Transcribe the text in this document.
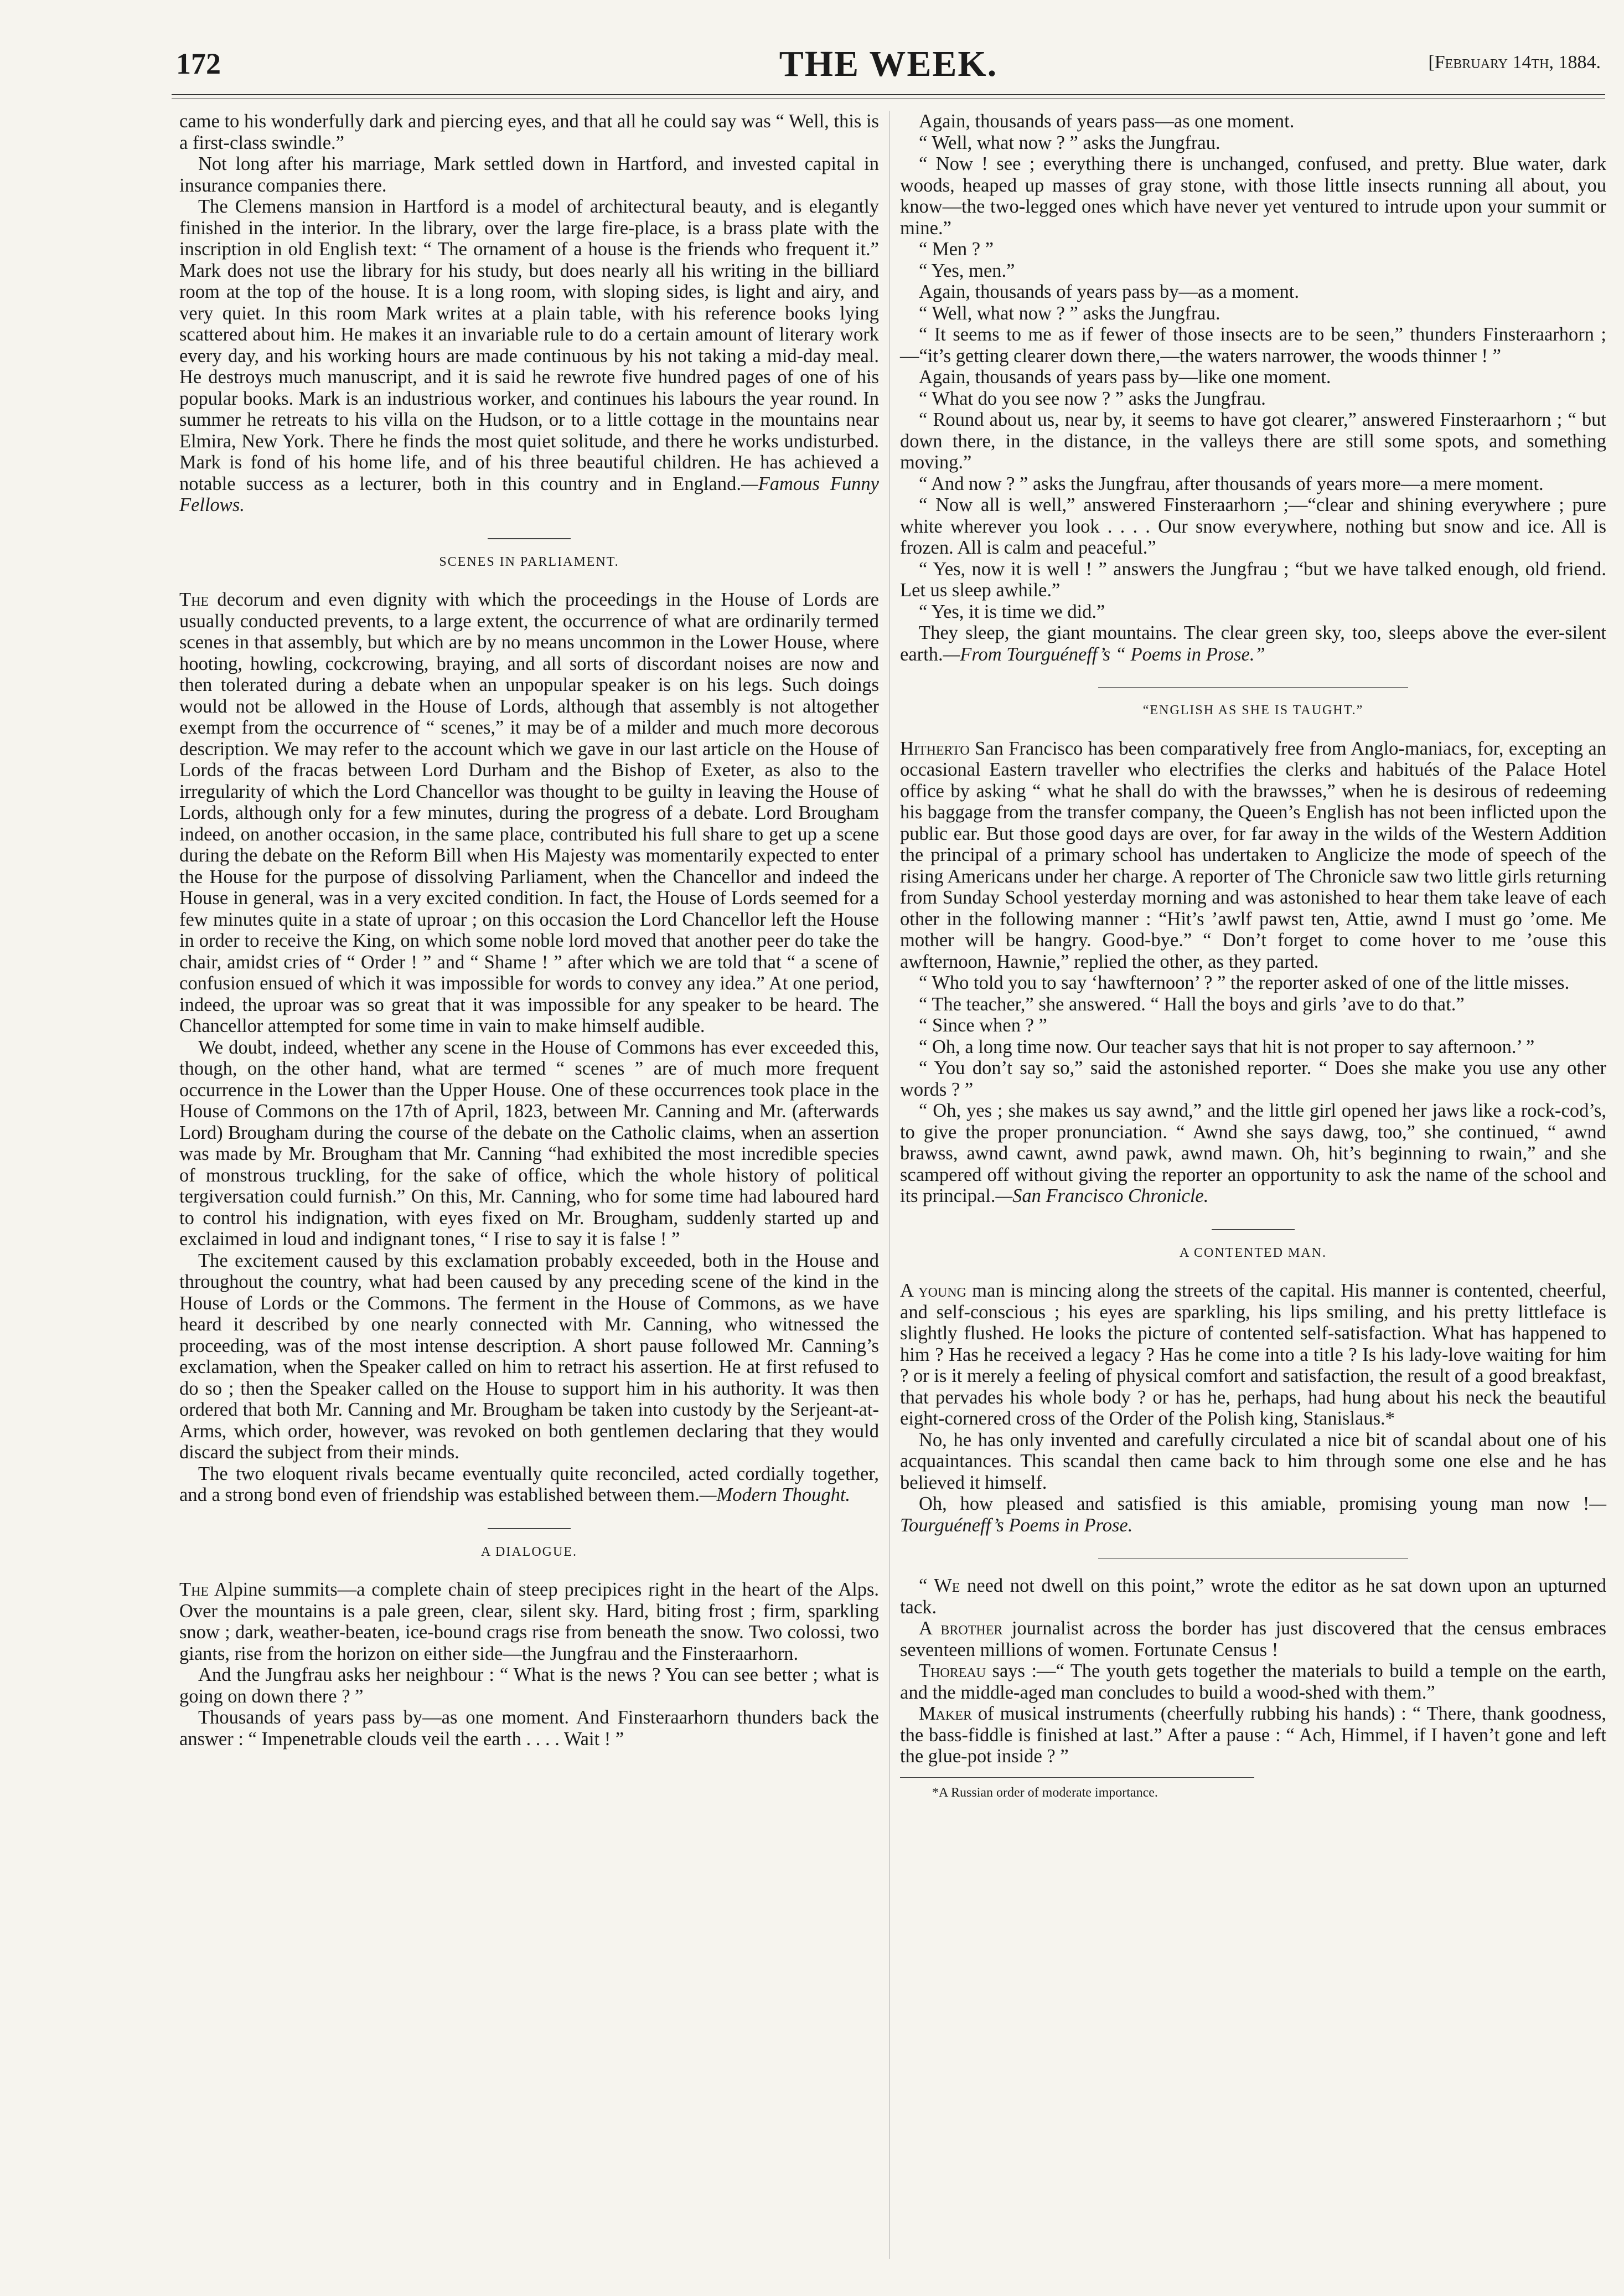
172	THE WEEK.	[February 14th, 1884.

came to his wonderfully dark and piercing eyes, and that all he could say was “ Well, this is a first-class swindle.”

Not long after his marriage, Mark settled down in Hartford, and invested capital in insurance companies there.

The Clemens mansion in Hartford is a model of architectural beauty, and is elegantly finished in the interior. In the library, over the large fire-place, is a brass plate with the inscription in old English text: “ The ornament of a house is the friends who frequent it.” Mark does not use the library for his study, but does nearly all his writing in the billiard room at the top of the house. It is a long room, with sloping sides, is light and airy, and very quiet. In this room Mark writes at a plain table, with his reference books lying scattered about him. He makes it an invariable rule to do a certain amount of literary work every day, and his working hours are made continuous by his not taking a mid-day meal. He destroys much manuscript, and it is said he rewrote five hundred pages of one of his popular books. Mark is an industrious worker, and continues his labours the year round. In summer he retreats to his villa on the Hudson, or to a little cottage in the mountains near Elmira, New York. There he finds the most quiet solitude, and there he works undisturbed. Mark is fond of his home life, and of his three beautiful children. He has achieved a notable success as a lecturer, both in this country and in England.—Famous Funny Fellows.

SCENES IN PARLIAMENT.

The decorum and even dignity with which the proceedings in the House of Lords are usually conducted prevents, to a large extent, the occurrence of what are ordinarily termed scenes in that assembly, but which are by no means uncommon in the Lower House, where hooting, howling, cockcrowing, braying, and all sorts of discordant noises are now and then tolerated during a debate when an unpopular speaker is on his legs. Such doings would not be allowed in the House of Lords, although that assembly is not altogether exempt from the occurrence of “ scenes,” it may be of a milder and much more decorous description. We may refer to the account which we gave in our last article on the House of Lords of the fracas between Lord Durham and the Bishop of Exeter, as also to the irregularity of which the Lord Chancellor was thought to be guilty in leaving the House of Lords, although only for a few minutes, during the progress of a debate. Lord Brougham indeed, on another occasion, in the same place, contributed his full share to get up a scene during the debate on the Reform Bill when His Majesty was momentarily expected to enter the House for the purpose of dissolving Parliament, when the Chancellor and indeed the House in general, was in a very excited condition. In fact, the House of Lords seemed for a few minutes quite in a state of uproar ; on this occasion the Lord Chancellor left the House in order to receive the King, on which some noble lord moved that another peer do take the chair, amidst cries of “ Order ! ” and “ Shame ! ” after which we are told that “ a scene of confusion ensued of which it was impossible for words to convey any idea.” At one period, indeed, the uproar was so great that it was impossible for any speaker to be heard. The Chancellor attempted for some time in vain to make himself audible.

We doubt, indeed, whether any scene in the House of Commons has ever exceeded this, though, on the other hand, what are termed “ scenes ” are of much more frequent occurrence in the Lower than the Upper House. One of these occurrences took place in the House of Commons on the 17th of April, 1823, between Mr. Canning and Mr. (afterwards Lord) Brougham during the course of the debate on the Catholic claims, when an assertion was made by Mr. Brougham that Mr. Canning “had exhibited the most incredible species of monstrous truckling, for the sake of office, which the whole history of political tergiversation could furnish.” On this, Mr. Canning, who for some time had laboured hard to control his indignation, with eyes fixed on Mr. Brougham, suddenly started up and exclaimed in loud and indignant tones, “ I rise to say it is false ! ”

The excitement caused by this exclamation probably exceeded, both in the House and throughout the country, what had been caused by any preceding scene of the kind in the House of Lords or the Commons. The ferment in the House of Commons, as we have heard it described by one nearly connected with Mr. Canning, who witnessed the proceeding, was of the most intense description. A short pause followed Mr. Canning’s exclamation, when the Speaker called on him to retract his assertion. He at first refused to do so ; then the Speaker called on the House to support him in his authority. It was then ordered that both Mr. Canning and Mr. Brougham be taken into custody by the Serjeant-at-Arms, which order, however, was revoked on both gentlemen declaring that they would discard the subject from their minds.

The two eloquent rivals became eventually quite reconciled, acted cordially together, and a strong bond even of friendship was established between them.—Modern Thought.

A DIALOGUE.

The Alpine summits—a complete chain of steep precipices right in the heart of the Alps. Over the mountains is a pale green, clear, silent sky. Hard, biting frost ; firm, sparkling snow ; dark, weather-beaten, ice-bound crags rise from beneath the snow. Two colossi, two giants, rise from the horizon on either side—the Jungfrau and the Finsteraarhorn.

And the Jungfrau asks her neighbour : “ What is the news ? You can see better ; what is going on down there ? ”

Thousands of years pass by—as one moment. And Finsteraarhorn thunders back the answer : “ Impenetrable clouds veil the earth . . . . Wait ! ”

Again, thousands of years pass—as one moment.

“ Well, what now ? ” asks the Jungfrau.

“ Now ! see ; everything there is unchanged, confused, and pretty. Blue water, dark woods, heaped up masses of gray stone, with those little insects running all about, you know—the two-legged ones which have never yet ventured to intrude upon your summit or mine.”

“ Men ? ”

“ Yes, men.”

Again, thousands of years pass by—as a moment.

“ Well, what now ? ” asks the Jungfrau.

“ It seems to me as if fewer of those insects are to be seen,” thunders Finsteraarhorn ;—“it’s getting clearer down there,—the waters narrower, the woods thinner ! ”

Again, thousands of years pass by—like one moment.

“ What do you see now ? ” asks the Jungfrau.

“ Round about us, near by, it seems to have got clearer,” answered Finsteraarhorn ; “ but down there, in the distance, in the valleys there are still some spots, and something moving.”

“ And now ? ” asks the Jungfrau, after thousands of years more—a mere moment.

“ Now all is well,” answered Finsteraarhorn ;—“clear and shining everywhere ; pure white wherever you look . . . . Our snow everywhere, nothing but snow and ice. All is frozen. All is calm and peaceful.”

“ Yes, now it is well ! ” answers the Jungfrau ; “but we have talked enough, old friend. Let us sleep awhile.”

“ Yes, it is time we did.”

They sleep, the giant mountains. The clear green sky, too, sleeps above the ever-silent earth.—From Tourguéneff’s “ Poems in Prose.”

“ENGLISH AS SHE IS TAUGHT.”

Hitherto San Francisco has been comparatively free from Anglo-maniacs, for, excepting an occasional Eastern traveller who electrifies the clerks and habitués of the Palace Hotel office by asking “ what he shall do with the brawsses,” when he is desirous of redeeming his baggage from the transfer company, the Queen’s English has not been inflicted upon the public ear. But those good days are over, for far away in the wilds of the Western Addition the principal of a primary school has undertaken to Anglicize the mode of speech of the rising Americans under her charge. A reporter of The Chronicle saw two little girls returning from Sunday School yesterday morning and was astonished to hear them take leave of each other in the following manner : “Hit’s ’awlf pawst ten, Attie, awnd I must go ’ome. Me mother will be hangry. Good-bye.” “ Don’t forget to come hover to me ’ouse this awfternoon, Hawnie,” replied the other, as they parted.

“ Who told you to say ‘hawfternoon’ ? ” the reporter asked of one of the little misses.

“ The teacher,” she answered. “ Hall the boys and girls ’ave to do that.”

“ Since when ? ”

“ Oh, a long time now. Our teacher says that hit is not proper to say afternoon.’ ”

“ You don’t say so,” said the astonished reporter. “ Does she make you use any other words ? ”

“ Oh, yes ; she makes us say awnd,” and the little girl opened her jaws like a rock-cod’s, to give the proper pronunciation. “ Awnd she says dawg, too,” she continued, “ awnd brawss, awnd cawnt, awnd pawk, awnd mawn. Oh, hit’s beginning to rwain,” and she scampered off without giving the reporter an opportunity to ask the name of the school and its principal.—San Francisco Chronicle.

A CONTENTED MAN.

A young man is mincing along the streets of the capital. His manner is contented, cheerful, and self-conscious ; his eyes are sparkling, his lips smiling, and his pretty littleface is slightly flushed. He looks the picture of contented self-satisfaction. What has happened to him ? Has he received a legacy ? Has he come into a title ? Is his lady-love waiting for him ? or is it merely a feeling of physical comfort and satisfaction, the result of a good breakfast, that pervades his whole body ? or has he, perhaps, had hung about his neck the beautiful eight-cornered cross of the Order of the Polish king, Stanislaus.*

No, he has only invented and carefully circulated a nice bit of scandal about one of his acquaintances. This scandal then came back to him through some one else and he has believed it himself.

Oh, how pleased and satisfied is this amiable, promising young man now !—Tourguéneff’s Poems in Prose.

“ We need not dwell on this point,” wrote the editor as he sat down upon an upturned tack.

A brother journalist across the border has just discovered that the census embraces seventeen millions of women. Fortunate Census !

Thoreau says :—“ The youth gets together the materials to build a temple on the earth, and the middle-aged man concludes to build a wood-shed with them.”

Maker of musical instruments (cheerfully rubbing his hands) : “ There, thank goodness, the bass-fiddle is finished at last.” After a pause : “ Ach, Himmel, if I haven’t gone and left the glue-pot inside ? ”

*A Russian order of moderate importance.
